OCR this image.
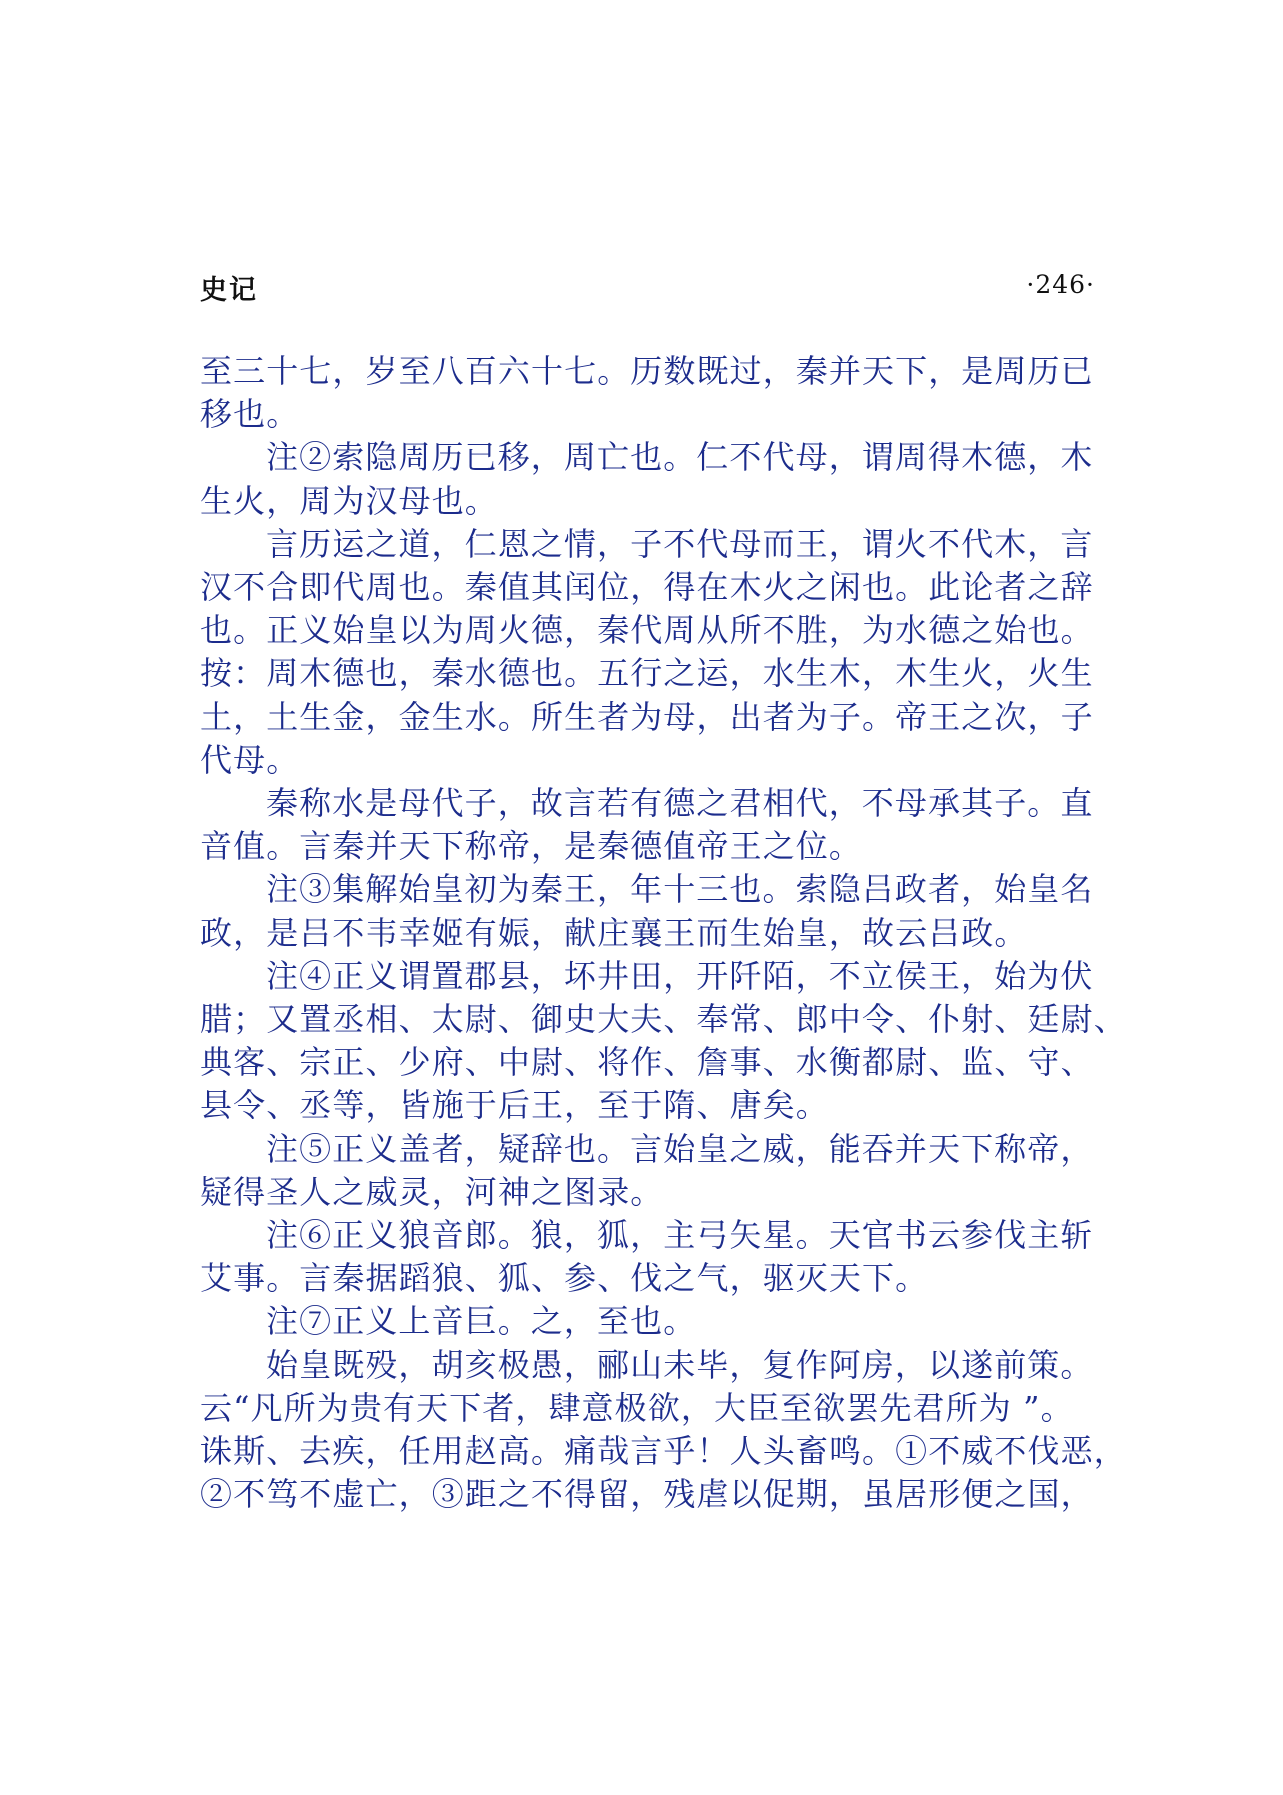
史记	·246·

至三十七，岁至八百六十七。历数既过，秦并天下，是周历已

移也。

注②索隐周历已移，周亡也。仁不代母，谓周得木德，木

生火，周为汉母也。

言历运之道，仁恩之情，子不代母而王，谓火不代木，言

汉不合即代周也。秦值其闰位，得在木火之闲也。此论者之辞

也。正义始皇以为周火德，秦代周从所不胜，为水德之始也。

按：周木德也，秦水德也。五行之运，水生木，木生火，火生

土，土生金，金生水。所生者为母，出者为子。帝王之次，子

代母。

秦称水是母代子，故言若有德之君相代，不母承其子。直

音值。言秦并天下称帝，是秦德值帝王之位。

注③集解始皇初为秦王，年十三也。索隐吕政者，始皇名

政，是吕不韦幸姬有娠，献庄襄王而生始皇，故云吕政。

注④正义谓置郡县，坏井田，开阡陌，不立侯王，始为伏

腊；又置丞相、太尉、御史大夫、奉常、郎中令、仆射、廷尉、

典客、宗正、少府、中尉、将作、詹事、水衡都尉、监、守、

县令、丞等，皆施于后王，至于隋、唐矣。

注⑤正义盖者，疑辞也。言始皇之威，能吞并天下称帝，

疑得圣人之威灵，河神之图录。

注⑥正义狼音郎。狼，狐，主弓矢星。天官书云参伐主斩

艾事。言秦据蹈狼、狐、参、伐之气，驱灭天下。

注⑦正义上音巨。之，至也。

始皇既殁，胡亥极愚，郦山未毕，复作阿房，以遂前策。

云“凡所为贵有天下者，肆意极欲，大臣至欲罢先君所为 ”。

诛斯、去疾，任用赵高。痛哉言乎！人头畜鸣。①不威不伐恶，

②不笃不虚亡，③距之不得留，残虐以促期，虽居形便之国，
